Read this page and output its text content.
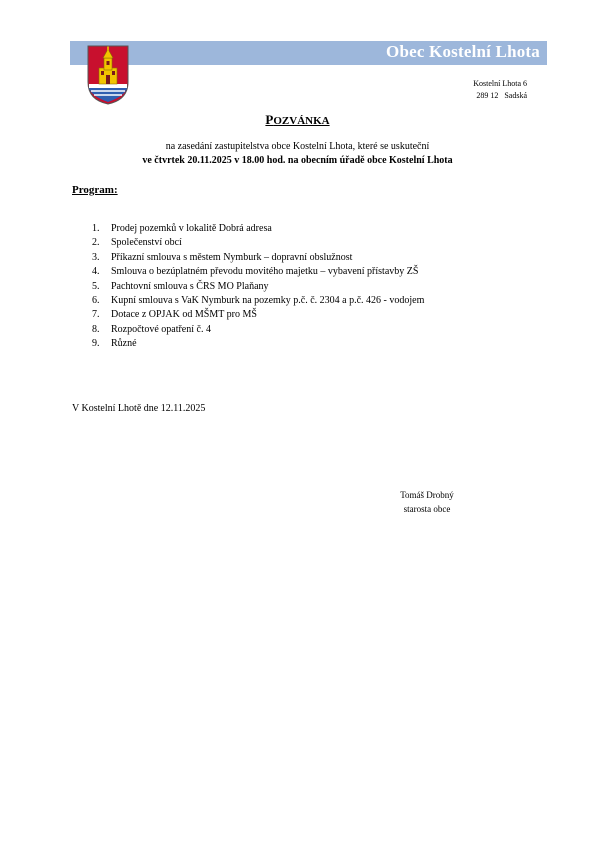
Obec Kostelní Lhota
Kostelní Lhota 6
289 12   Sadská
POZVÁNKA
na zasedání zastupitelstva obce Kostelní Lhota, které se uskuteční
ve čtvrtek 20.11.2025 v 18.00 hod. na obecním úřadě obce Kostelní Lhota
Program:
1.	Prodej pozemků v lokalitě Dobrá adresa
2.	Společenství obcí
3.	Příkazní smlouva s městem Nymburk – dopravní obslužnost
4.	Smlouva o bezúplatném převodu movitého majetku – vybavení přístavby ZŠ
5.	Pachtovní smlouva s ČRS MO Plaňany
6.	Kupní smlouva s VaK Nymburk na pozemky p.č. č. 2304 a p.č. 426 - vodojem
7.	Dotace z OPJAK od MŠMT pro MŠ
8.	Rozpočtové opatření č. 4
9.	Různé
V Kostelní Lhotě dne 12.11.2025
Tomáš Drobný
starosta obce
